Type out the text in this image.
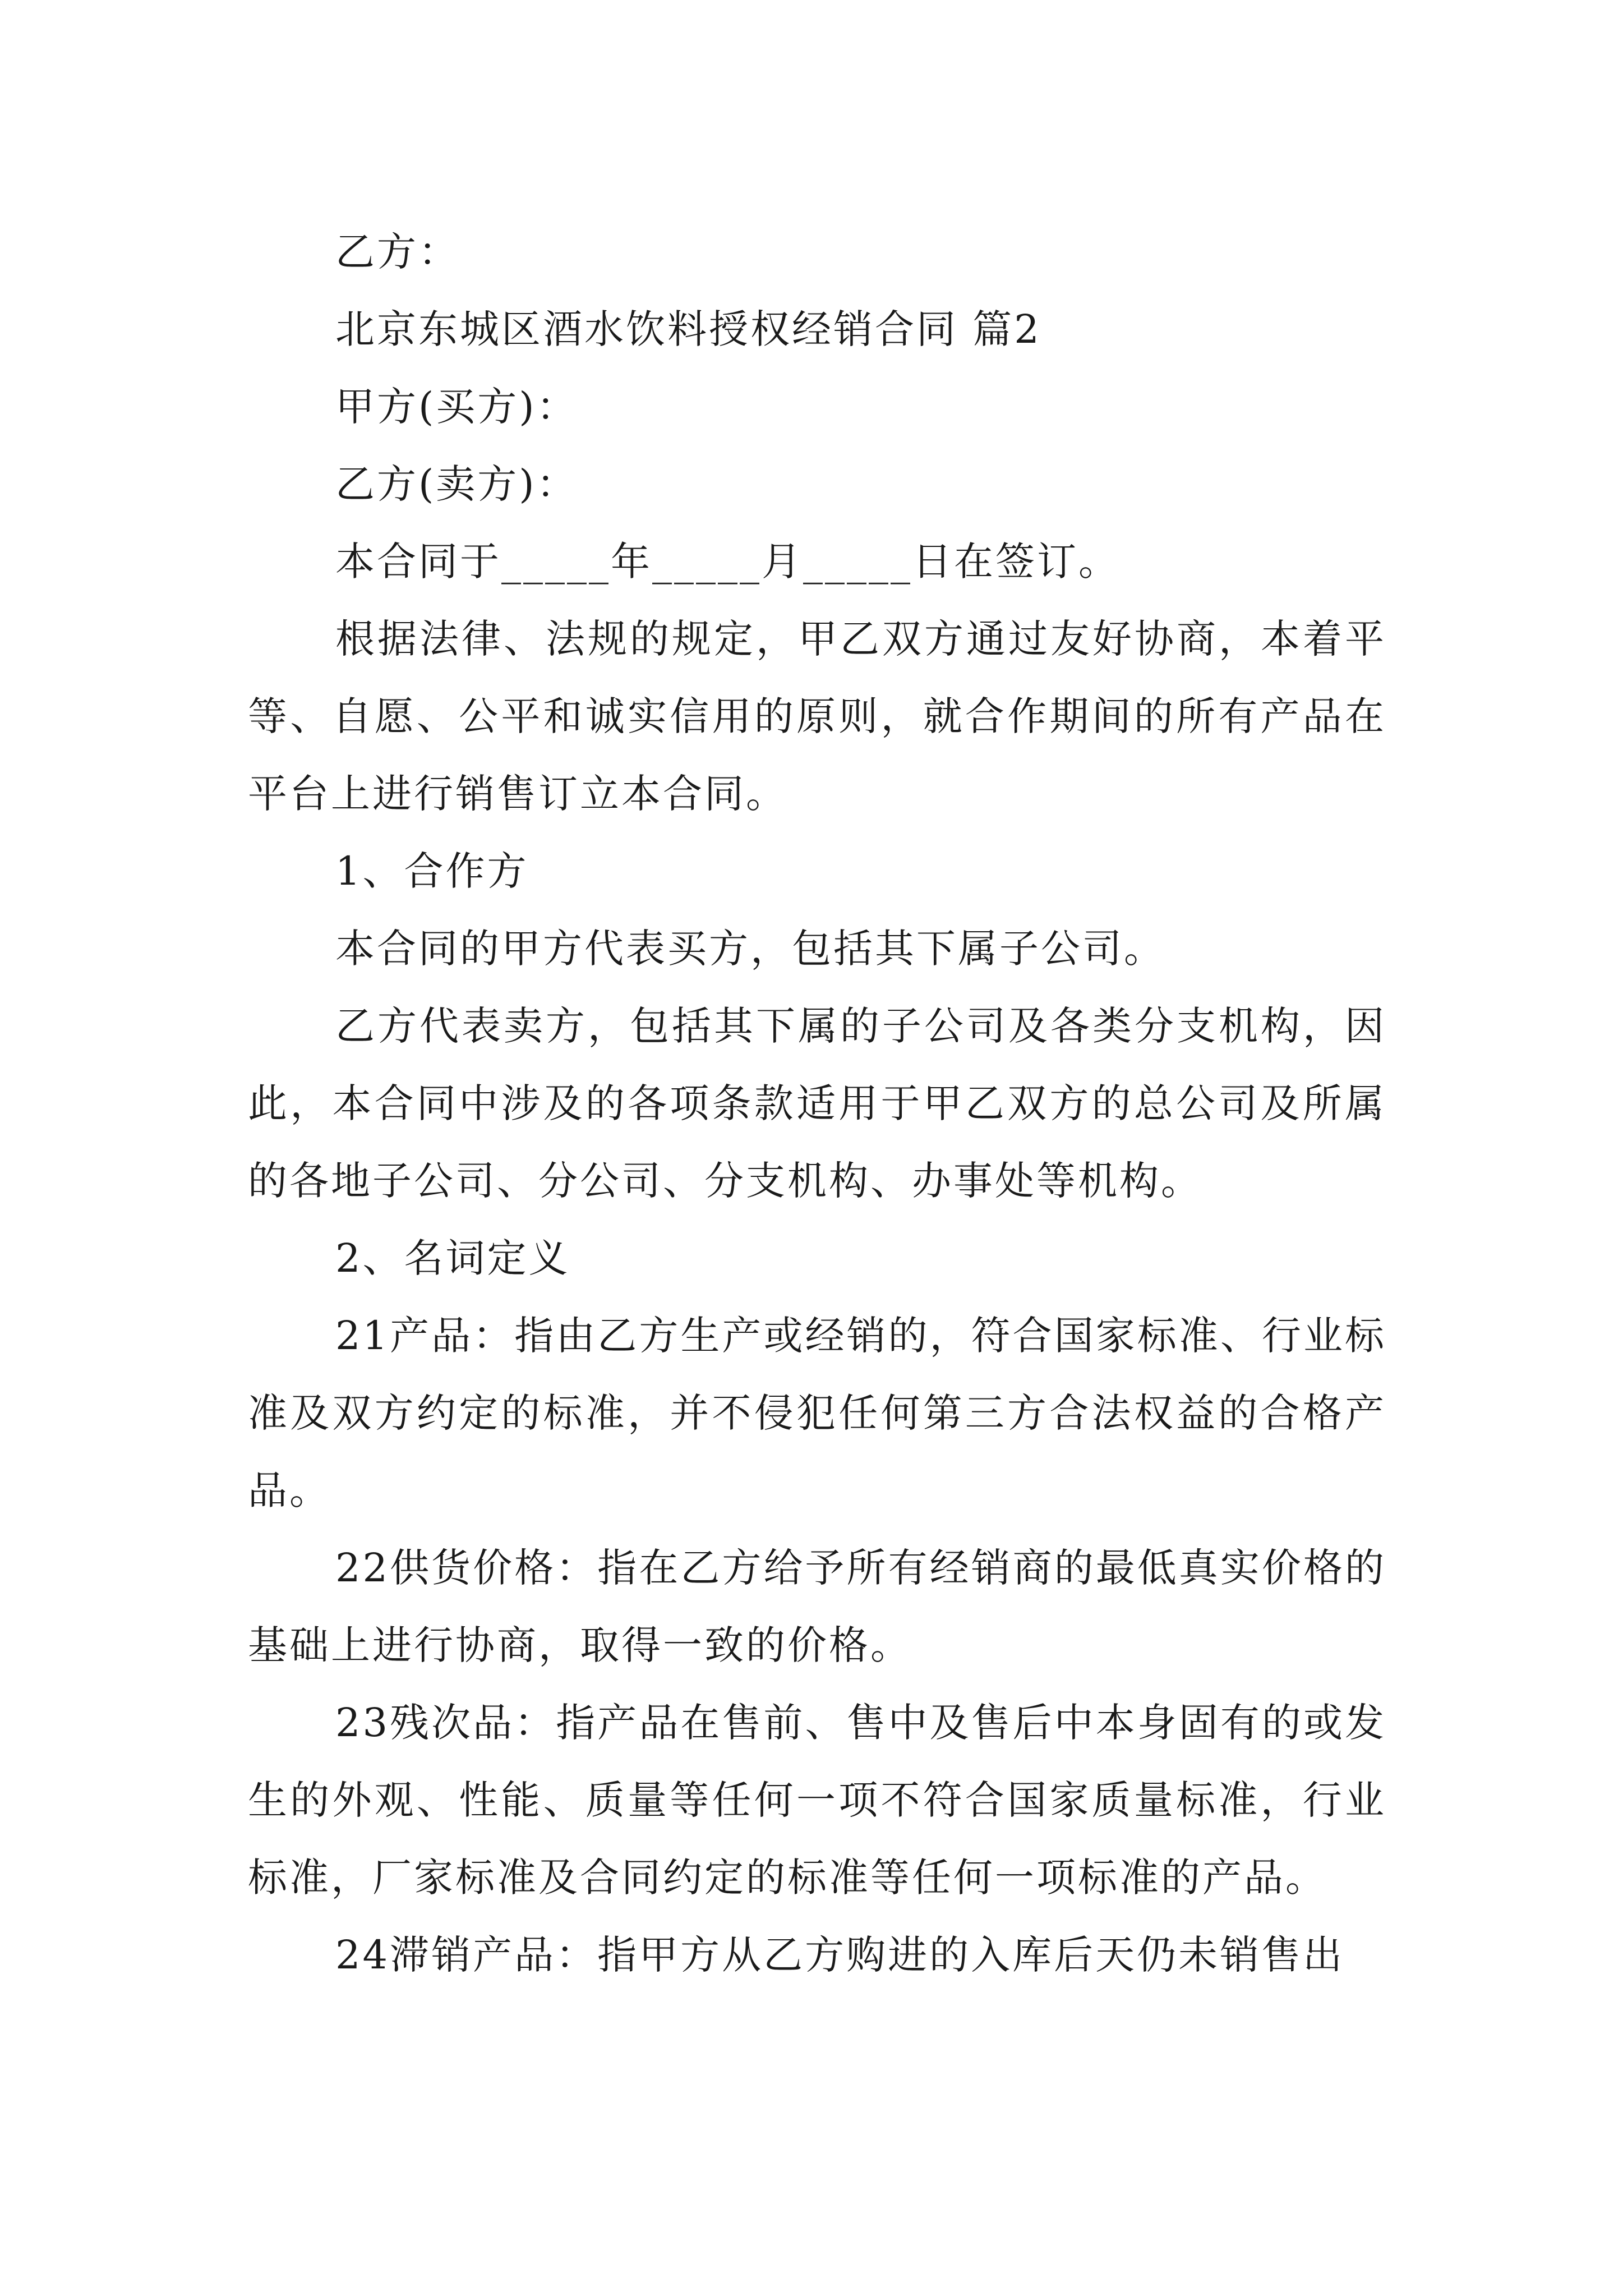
乙方：

北京东城区酒水饮料授权经销合同 篇2

甲方(买方)：

乙方(卖方)：

本合同于_____年_____月_____日在签订。

根据法律、法规的规定，甲乙双方通过友好协商，本着平等、自愿、公平和诚实信用的原则，就合作期间的所有产品在平台上进行销售订立本合同。

1、合作方

本合同的甲方代表买方，包括其下属子公司。

乙方代表卖方，包括其下属的子公司及各类分支机构，因此，本合同中涉及的各项条款适用于甲乙双方的总公司及所属的各地子公司、分公司、分支机构、办事处等机构。

2、名词定义

21产品：指由乙方生产或经销的，符合国家标准、行业标准及双方约定的标准，并不侵犯任何第三方合法权益的合格产品。

22供货价格：指在乙方给予所有经销商的最低真实价格的基础上进行协商，取得一致的价格。

23残次品：指产品在售前、售中及售后中本身固有的或发生的外观、性能、质量等任何一项不符合国家质量标准，行业标准，厂家标准及合同约定的标准等任何一项标准的产品。

24滞销产品：指甲方从乙方购进的入库后天仍未销售出
